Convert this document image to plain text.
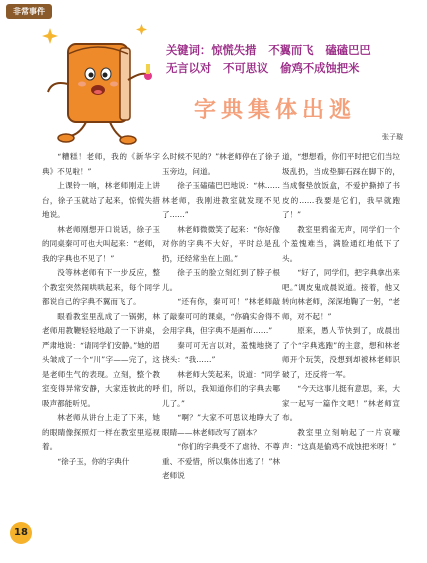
非常事件
关键词：惊慌失措 不翼而飞 磕磕巴巴
无言以对 不可思议 偷鸡不成蚀把米
字典集体出逃
张子璇

“糟糕！老师，我的《新华字典》不见啦！”

上课铃一响，林老师刚走上讲台，徐子玉就站了起来，惊慌失措地说。

林老师刚想开口说话，徐子玉的同桌秦可可也大叫起来：“老师，我的字典也不见了！”

没等林老师有下一步反应，整个教室突然闹哄哄起来，每个同学都说自己的字典不翼而飞了。

眼看教室里乱成了一锅粥，林老师用教鞭轻轻地敲了一下讲桌，严肃地说：“请同学们安静。”她的眉头皱成了一个“川”字——完了，这是老师生气的表现。立刻，整个教室变得异常安静，大家连彼此的呼吸声都能听见。

林老师从讲台上走了下来，她的眼睛像探照灯一样在教室里巡视着。

“徐子玉，你的字典什

么时候不见的？”林老师停在了徐子玉旁边，问道。

徐子玉磕磕巴巴地说：“林……林老师，我刚进教室就发现不见了……”

林老师微微笑了起来：“你好像对你的字典不大好，平时总是乱扔，还经常坐在上面。”

徐子玉的脸立刻红到了脖子根儿。

“还有你，秦可可！”林老师敲了敲秦可可的课桌，“你确实舍得不会用字典，但字典不是画布……”

秦可可无言以对，羞愧地挠了挠头：“我……”

林老师大笑起来，说道：“同学们，所以，我知道你们的字典去哪儿了。”

“啊？”大家不可思议地睁大了眼睛——林老师改写了剧本？

“你们的字典受不了虐待、不尊重、不爱惜，所以集体出逃了！”林老师说

道，“想想看，你们平时把它们当垃圾乱扔，当成垫脚石踩在脚下的，当成餐垫放饭盒，不爱护撕掉了书皮的……我要是它们，我早就跑了！”

教室里鸦雀无声，同学们一个个羞愧难当，满脸通红地低下了头。

“好了，同学们，把字典拿出来吧。”调皮鬼成晨说道。接着，他又转向林老师，深深地鞠了一躬，“老师，对不起！”

原来，愚人节快到了，成晨出了个“字典逃跑”的主意，想和林老师开个玩笑，没想到却被林老师识破了，还反将一军。

“今天这事儿挺有意思，来，大家一起写一篇作文吧！”林老师宣布。

教室里立刻响起了一片哀嚎声：“这真是偷鸡不成蚀把米呀！”

18
